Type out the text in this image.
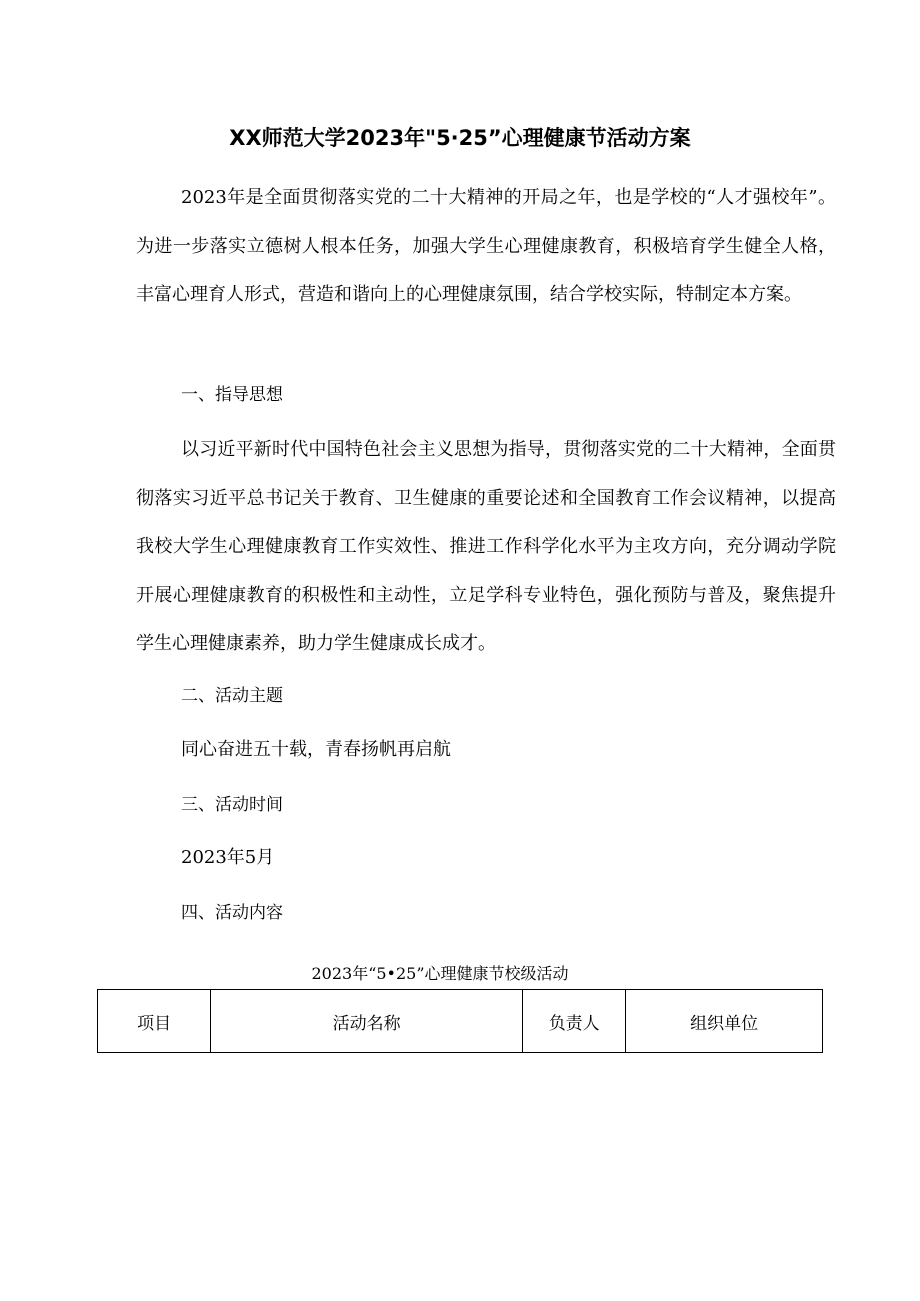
XX师范大学2023年"5·25”心理健康节活动方案
2023年是全面贯彻落实党的二十大精神的开局之年，也是学校的“人才强校年”。为进一步落实立德树人根本任务，加强大学生心理健康教育，积极培育学生健全人格，丰富心理育人形式，营造和谐向上的心理健康氛围，结合学校实际，特制定本方案。
一、指导思想
以习近平新时代中国特色社会主义思想为指导，贯彻落实党的二十大精神，全面贯彻落实习近平总书记关于教育、卫生健康的重要论述和全国教育工作会议精神，以提高我校大学生心理健康教育工作实效性、推进工作科学化水平为主攻方向，充分调动学院开展心理健康教育的积极性和主动性，立足学科专业特色，强化预防与普及，聚焦提升学生心理健康素养，助力学生健康成长成才。
二、活动主题
同心奋进五十载，青春扬帆再启航
三、活动时间
2023年5月
四、活动内容
2023年“5•25”心理健康节校级活动
项目	活动名称	负责人	组织单位
